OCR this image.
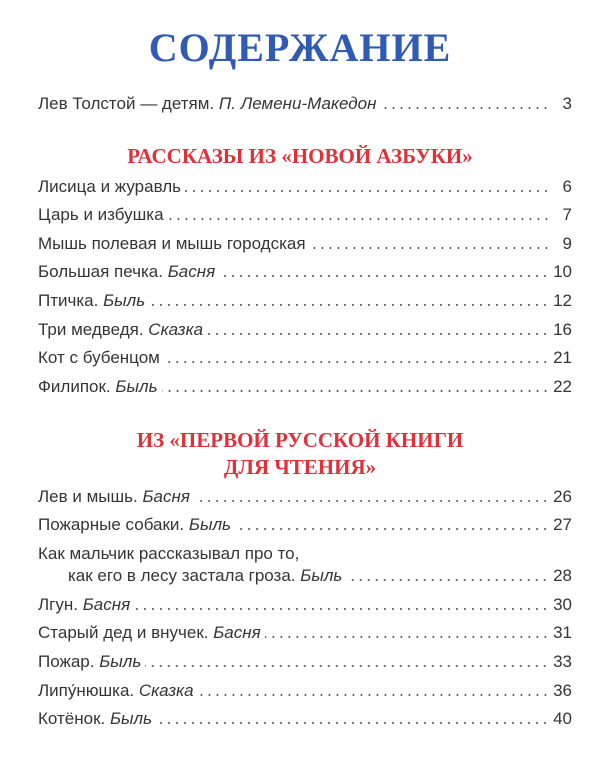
СОДЕРЖАНИЕ
Лев Толстой — детям. П. Лемени-Македон	3
РАССКАЗЫ ИЗ «НОВОЙ АЗБУКИ»
Лисица и журавль	6
Царь и избушка	7
Мышь полевая и мышь городская	9
Большая печка. Басня	10
Птичка. Быль	12
Три медведя. Сказка	16
Кот с бубенцом	21
Филипок. Быль	22
ИЗ «ПЕРВОЙ РУССКОЙ КНИГИ
ДЛЯ ЧТЕНИЯ»
Лев и мышь. Басня	26
Пожарные собаки. Быль	27
Как мальчик рассказывал про то,
как его в лесу застала гроза. Быль	28
Лгун. Басня	30
Старый дед и внучек. Басня	31
Пожар. Быль	33
Липу́нюшка. Сказка	36
Котёнок. Быль	40
